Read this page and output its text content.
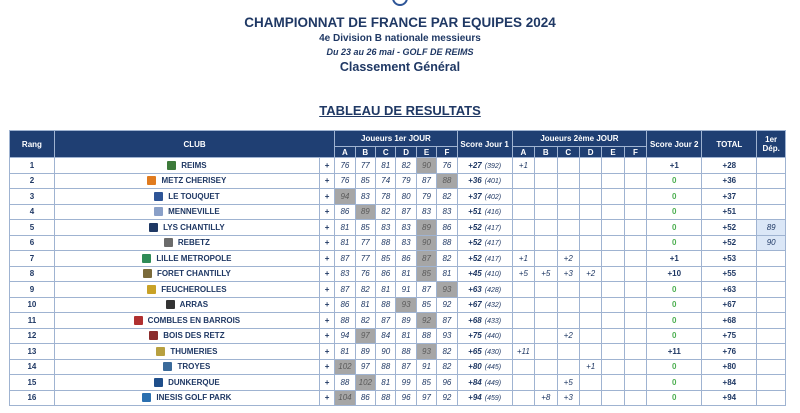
CHAMPIONNAT DE FRANCE PAR EQUIPES 2024
4e Division B nationale messieurs
Du 23 au 26 mai - GOLF DE REIMS
Classement Général
TABLEAU DE RESULTATS
Rang	CLUB		Joueurs 1er JOUR						Score Jour 1	Joueurs 2ème JOUR						Score Jour 2	TOTAL	1er Dép.
			A	B	C	D	E	F		A	B	C	D	E	F			
1	REIMS	+	76	77	81	82	90	76	+27 (392)	+1						+1	+28	
2	METZ CHERISEY	+	76	85	74	79	87	88	+36 (401)							0	+36	
3	LE TOUQUET	+	94	83	78	80	79	82	+37 (402)							0	+37	
4	MENNEVILLE	+	86	89	82	87	83	83	+51 (416)							0	+51	
5	LYS CHANTILLY	+	81	85	83	83	89	86	+52 (417)							0	+52	89
6	REBETZ	+	81	77	88	83	90	88	+52 (417)							0	+52	90
7	LILLE METROPOLE	+	87	77	85	86	87	82	+52 (417)	+1		+2				+1	+53	
8	FORET CHANTILLY	+	83	76	86	81	85	81	+45 (410)	+5	+5	+3	+2			+10	+55	
9	FEUCHEROLLES	+	87	82	81	91	87	93	+63 (428)							0	+63	
10	ARRAS	+	86	81	88	93	85	92	+67 (432)							0	+67	
11	COMBLES EN BARROIS	+	88	82	87	89	92	87	+68 (433)							0	+68	
12	BOIS DES RETZ	+	94	97	84	81	88	93	+75 (440)			+2				0	+75	
13	THUMERIES	+	81	89	90	88	93	82	+65 (430)	+11						+11	+76	
14	TROYES	+	102	97	88	87	91	82	+80 (445)				+1			0	+80	
15	DUNKERQUE	+	88	102	81	99	85	96	+84 (449)			+5				0	+84	
16	INESIS GOLF PARK	+	104	86	88	96	97	92	+94 (459)		+8	+3				0	+94	
